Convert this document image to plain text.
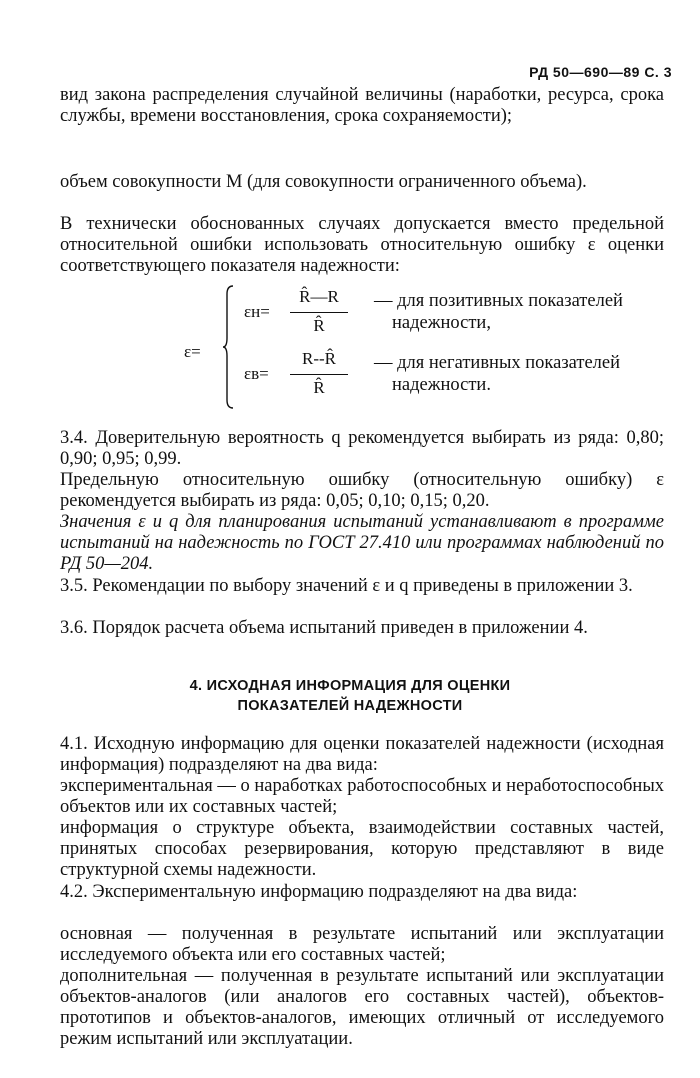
РД 50—690—89 С. 3
вид закона распределения случайной величины (наработки, ресурса, срока службы, времени восстановления, срока сохраняемости);
объем совокупности М (для совокупности ограниченного объема).
В технически обоснованных случаях допускается вместо предельной относительной ошибки использовать относительную ошибку ε оценки соответствующего показателя надежности:
ε=
εн=
R̂—R
R̂
— для позитивных показателей
надежности,
εв=
R--R̂
R̂
— для негативных показателей
надежности.
3.4. Доверительную вероятность q рекомендуется выбирать из ряда: 0,80; 0,90; 0,95; 0,99.
Предельную относительную ошибку (относительную ошибку) ε рекомендуется выбирать из ряда: 0,05; 0,10; 0,15; 0,20.
Значения ε и q для планирования испытаний устанавливают в программе испытаний на надежность по ГОСТ 27.410 или программах наблюдений по РД 50—204.
3.5. Рекомендации по выбору значений ε и q приведены в приложении 3.
3.6. Порядок расчета объема испытаний приведен в приложении 4.
4. ИСХОДНАЯ ИНФОРМАЦИЯ ДЛЯ ОЦЕНКИ
ПОКАЗАТЕЛЕЙ НАДЕЖНОСТИ
4.1. Исходную информацию для оценки показателей надежности (исходная информация) подразделяют на два вида:
экспериментальная — о наработках работоспособных и неработоспособных объектов или их составных частей;
информация о структуре объекта, взаимодействии составных частей, принятых способах резервирования, которую представляют в виде структурной схемы надежности.
4.2. Экспериментальную информацию подразделяют на два вида:
основная — полученная в результате испытаний или эксплуатации исследуемого объекта или его составных частей;
дополнительная — полученная в результате испытаний или эксплуатации объектов-аналогов (или аналогов его составных частей), объектов-прототипов и объектов-аналогов, имеющих отличный от исследуемого режим испытаний или эксплуатации.
